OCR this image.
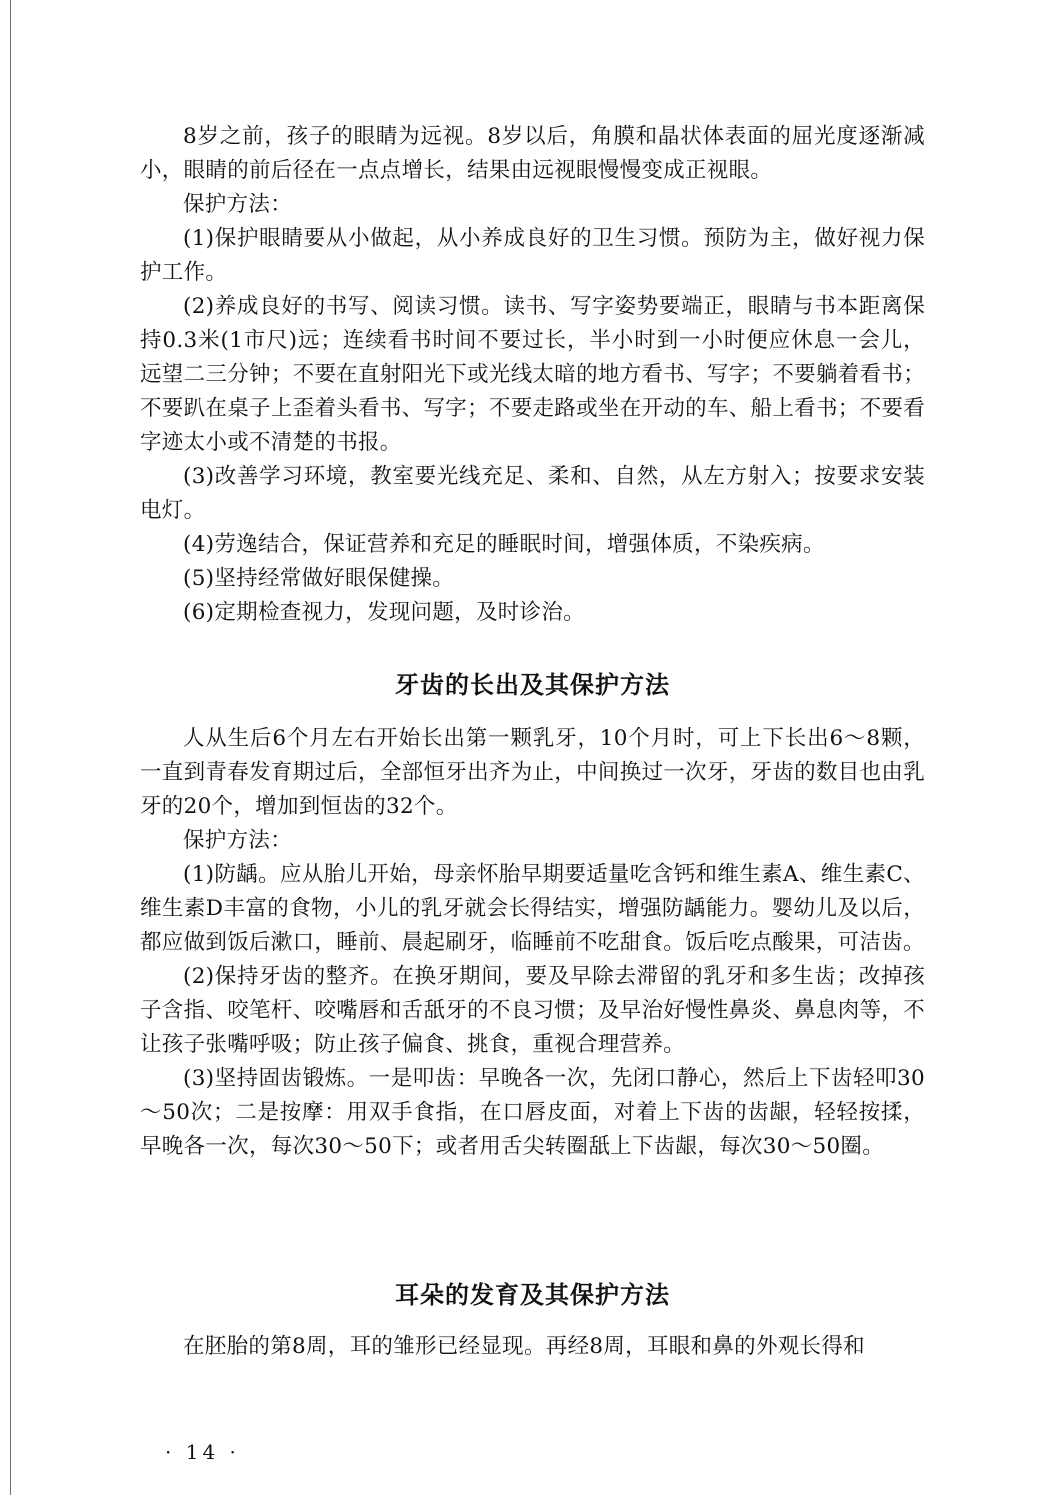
8岁之前，孩子的眼睛为远视。8岁以后，角膜和晶状体表面的屈光度逐渐减小，眼睛的前后径在一点点增长，结果由远视眼慢慢变成正视眼。

保护方法：

(1)保护眼睛要从小做起，从小养成良好的卫生习惯。预防为主，做好视力保护工作。

(2)养成良好的书写、阅读习惯。读书、写字姿势要端正，眼睛与书本距离保持0.3米(1市尺)远；连续看书时间不要过长，半小时到一小时便应休息一会儿，远望二三分钟；不要在直射阳光下或光线太暗的地方看书、写字；不要躺着看书；不要趴在桌子上歪着头看书、写字；不要走路或坐在开动的车、船上看书；不要看字迹太小或不清楚的书报。

(3)改善学习环境，教室要光线充足、柔和、自然，从左方射入；按要求安装电灯。

(4)劳逸结合，保证营养和充足的睡眠时间，增强体质，不染疾病。

(5)坚持经常做好眼保健操。

(6)定期检查视力，发现问题，及时诊治。

牙齿的长出及其保护方法

人从生后6个月左右开始长出第一颗乳牙，10个月时，可上下长出6～8颗，一直到青春发育期过后，全部恒牙出齐为止，中间换过一次牙，牙齿的数目也由乳牙的20个，增加到恒齿的32个。

保护方法：

(1)防龋。应从胎儿开始，母亲怀胎早期要适量吃含钙和维生素A、维生素C、维生素D丰富的食物，小儿的乳牙就会长得结实，增强防龋能力。婴幼儿及以后，都应做到饭后漱口，睡前、晨起刷牙，临睡前不吃甜食。饭后吃点酸果，可洁齿。

(2)保持牙齿的整齐。在换牙期间，要及早除去滞留的乳牙和多生齿；改掉孩子含指、咬笔杆、咬嘴唇和舌舐牙的不良习惯；及早治好慢性鼻炎、鼻息肉等，不让孩子张嘴呼吸；防止孩子偏食、挑食，重视合理营养。

(3)坚持固齿锻炼。一是叩齿：早晚各一次，先闭口静心，然后上下齿轻叩30～50次；二是按摩：用双手食指，在口唇皮面，对着上下齿的齿龈，轻轻按揉，早晚各一次，每次30～50下；或者用舌尖转圈舐上下齿龈，每次30～50圈。

耳朵的发育及其保护方法

在胚胎的第8周，耳的雏形已经显现。再经8周，耳眼和鼻的外观长得和

· 14 ·
